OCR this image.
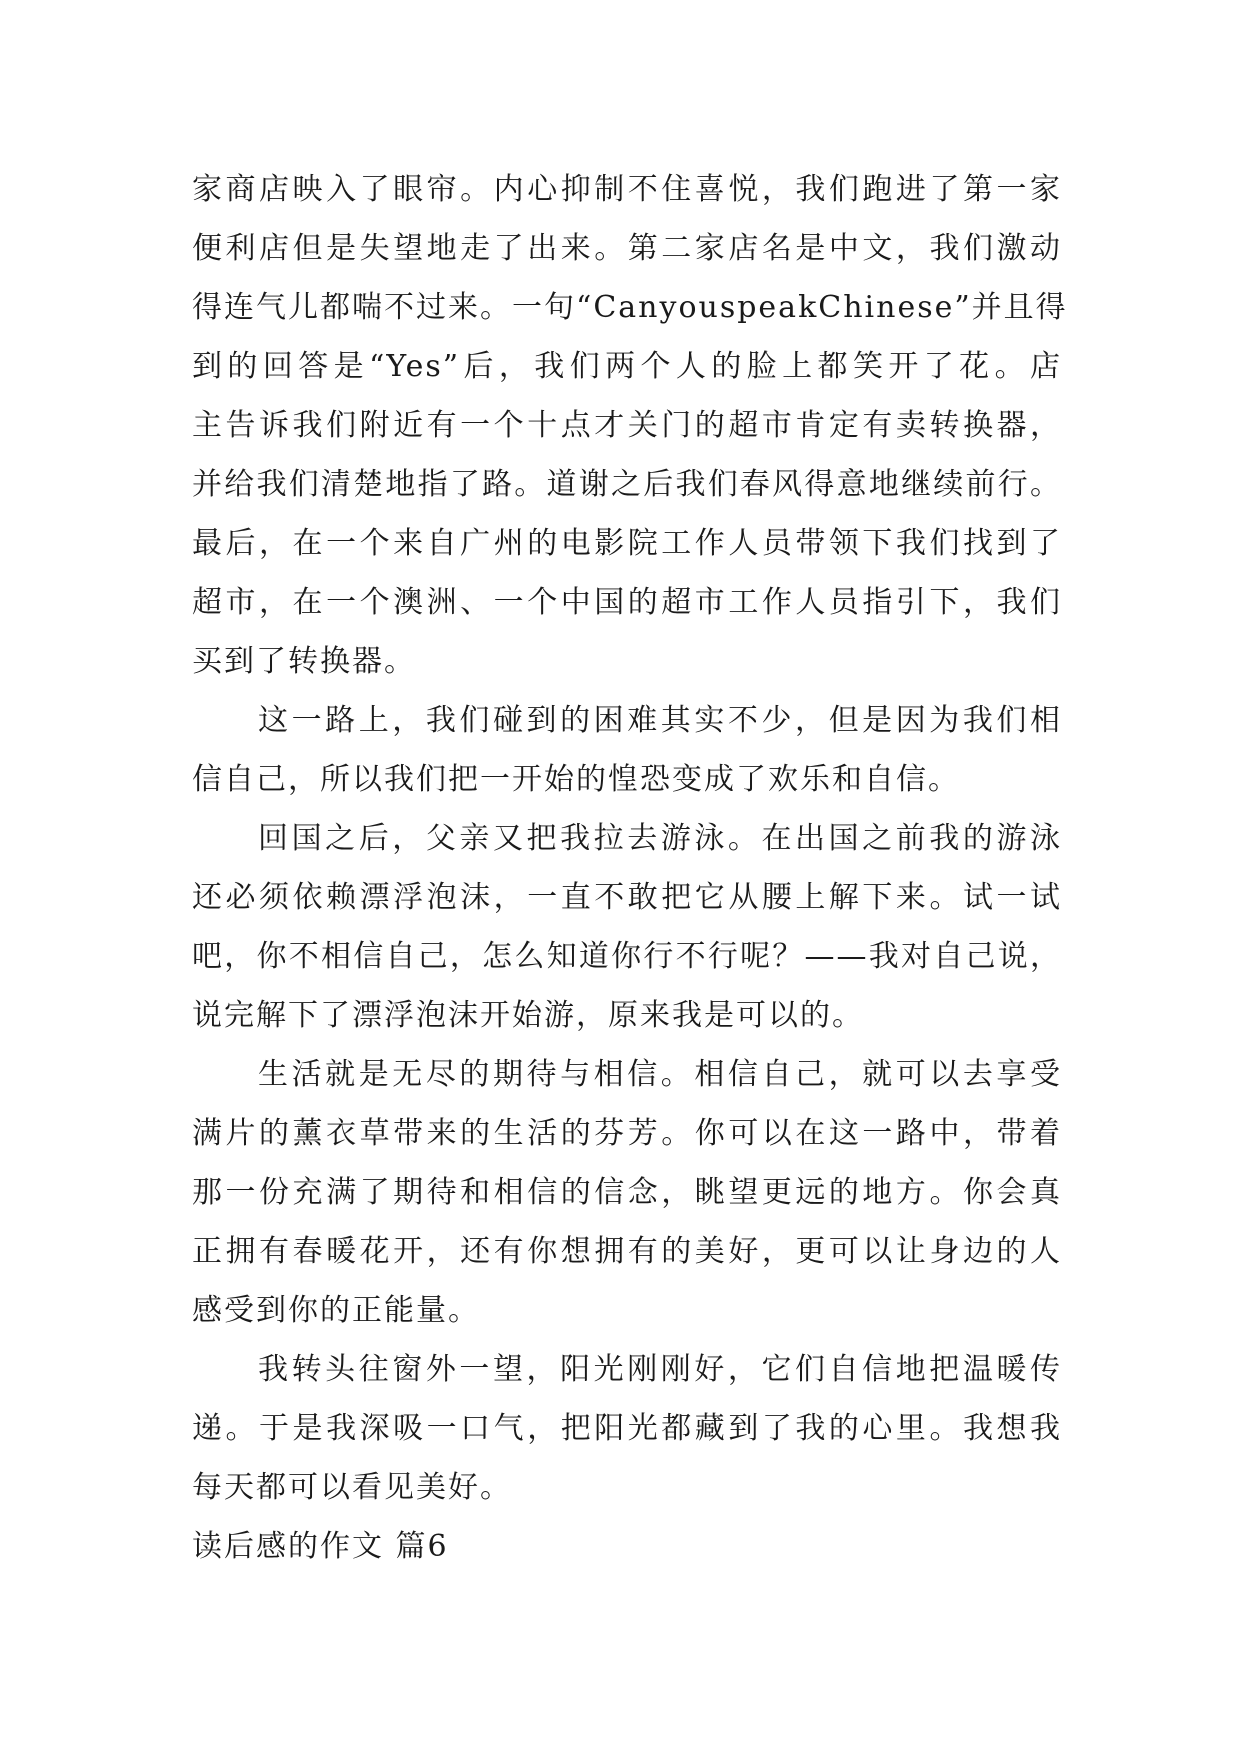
家商店映入了眼帘。内心抑制不住喜悦，我们跑进了第一家
便利店但是失望地走了出来。第二家店名是中文，我们激动
得连气儿都喘不过来。一句“CanyouspeakChinese”并且得
到的回答是“Yes”后，我们两个人的脸上都笑开了花。店
主告诉我们附近有一个十点才关门的超市肯定有卖转换器，
并给我们清楚地指了路。道谢之后我们春风得意地继续前行。
最后，在一个来自广州的电影院工作人员带领下我们找到了
超市，在一个澳洲、一个中国的超市工作人员指引下，我们
买到了转换器。
这一路上，我们碰到的困难其实不少，但是因为我们相
信自己，所以我们把一开始的惶恐变成了欢乐和自信。
回国之后，父亲又把我拉去游泳。在出国之前我的游泳
还必须依赖漂浮泡沫，一直不敢把它从腰上解下来。试一试
吧，你不相信自己，怎么知道你行不行呢？——我对自己说，
说完解下了漂浮泡沫开始游，原来我是可以的。
生活就是无尽的期待与相信。相信自己，就可以去享受
满片的薰衣草带来的生活的芬芳。你可以在这一路中，带着
那一份充满了期待和相信的信念，眺望更远的地方。你会真
正拥有春暖花开，还有你想拥有的美好，更可以让身边的人
感受到你的正能量。
我转头往窗外一望，阳光刚刚好，它们自信地把温暖传
递。于是我深吸一口气，把阳光都藏到了我的心里。我想我
每天都可以看见美好。
读后感的作文 篇6
